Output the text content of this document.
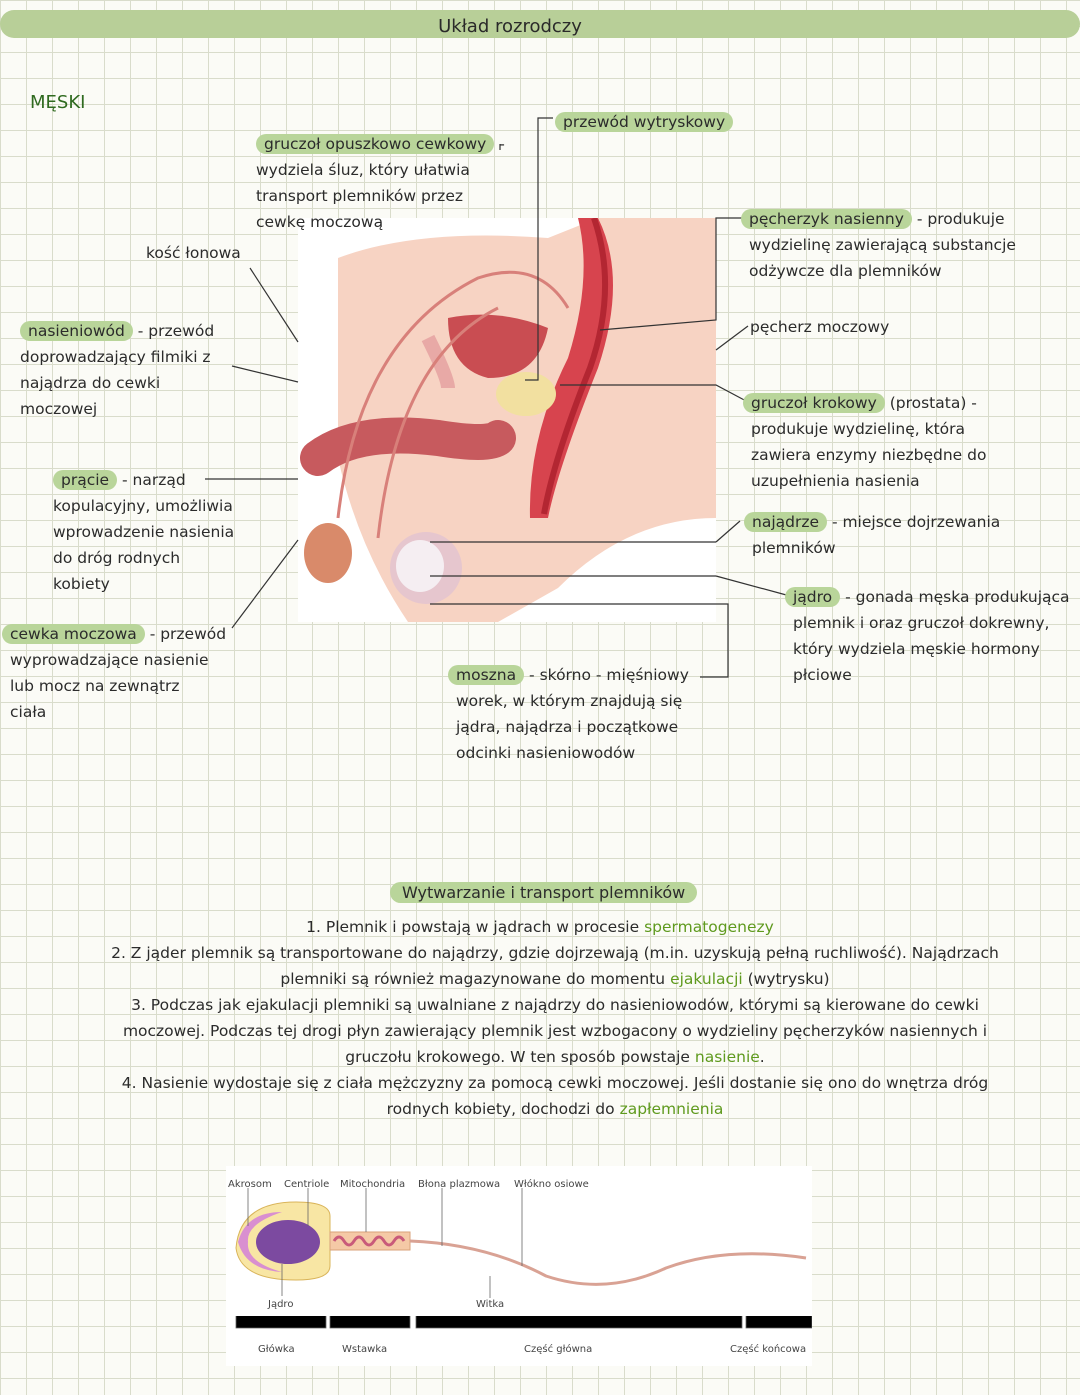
Układ rozrodczy
MĘSKI
gruczoł opuszkowo cewkowy -
wydziela śluz, który ułatwia
transport plemników przez
cewkę moczową
kość łonowa
nasieniowód - przewód
doprowadzający filmiki z
najądrza do cewki
moczowej
prącie - narząd
kopulacyjny, umożliwia
wprowadzenie nasienia
do dróg rodnych
kobiety
cewka moczowa - przewód
wyprowadzające nasienie
lub mocz na zewnątrz
ciała
przewód wytryskowy
pęcherzyk nasienny - produkuje
wydzielinę zawierającą substancje
odżywcze dla plemników
pęcherz moczowy
gruczoł krokowy (prostata) -
produkuje wydzielinę, która
zawiera enzymy niezbędne do
uzupełnienia nasienia
najądrze - miejsce dojrzewania
plemników
jądro - gonada męska produkująca
plemnik i oraz gruczoł dokrewny,
który wydziela męskie hormony
płciowe
moszna - skórno - mięśniowy
worek, w którym znajdują się
jądra, najądrza i początkowe
odcinki nasieniowodów
Wytwarzanie i transport plemników
1. Plemnik i powstają w jądrach w procesie spermatogenezy
2. Z jąder plemnik są transportowane do najądrzy, gdzie dojrzewają (m.in. uzyskują pełną ruchliwość). Najądrzach
plemniki są również magazynowane do momentu ejakulacji (wytrysku)
3. Podczas jak ejakulacji plemniki są uwalniane z najądrzy do nasieniowodów, którymi są kierowane do cewki
moczowej. Podczas tej drogi płyn zawierający plemnik jest wzbogacony o wydzieliny pęcherzyków nasiennych i
gruczołu krokowego. W ten sposób powstaje nasienie.
4. Nasienie wydostaje się z ciała mężczyzny za pomocą cewki moczowej. Jeśli dostanie się ono do wnętrza dróg
rodnych kobiety, dochodzi do zapłemnienia
Akrosom Centriole Mitochondria Błona plazmowa Włókno osiowe
Jądro	Witka
Główka	Wstawka	Część główna	Część końcowa
